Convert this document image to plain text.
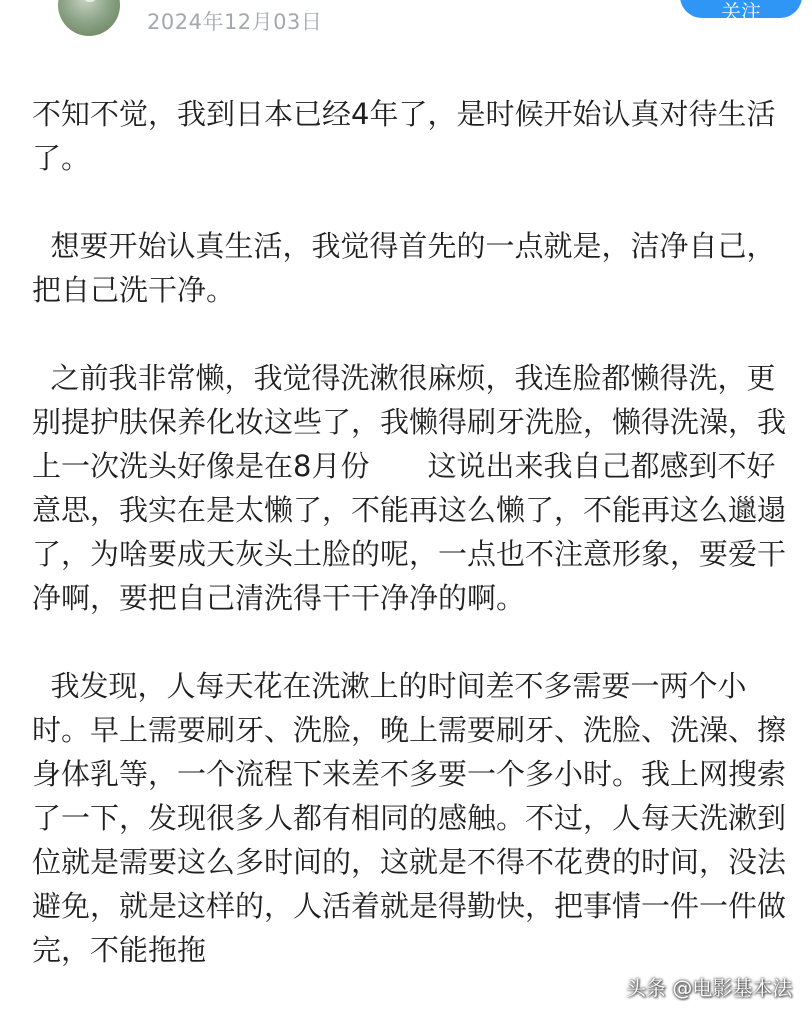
2024年12月03日	关注

不知不觉，我到日本已经4年了，是时候开始认真对待生活了。

想要开始认真生活，我觉得首先的一点就是，洁净自己，把自己洗干净。

之前我非常懒，我觉得洗漱很麻烦，我连脸都懒得洗，更别提护肤保养化妆这些了，我懒得刷牙洗脸，懒得洗澡，我上一次洗头好像是在8月份　　这说出来我自己都感到不好意思，我实在是太懒了，不能再这么懒了，不能再这么邋遢了，为啥要成天灰头土脸的呢，一点也不注意形象，要爱干净啊，要把自己清洗得干干净净的啊。

我发现，人每天花在洗漱上的时间差不多需要一两个小时。早上需要刷牙、洗脸，晚上需要刷牙、洗脸、洗澡、擦身体乳等，一个流程下来差不多要一个多小时。我上网搜索了一下，发现很多人都有相同的感触。不过，人每天洗漱到位就是需要这么多时间的，这就是不得不花费的时间，没法避免，就是这样的，人活着就是得勤快，把事情一件一件做完，不能拖拖

头条 @电影基本法
